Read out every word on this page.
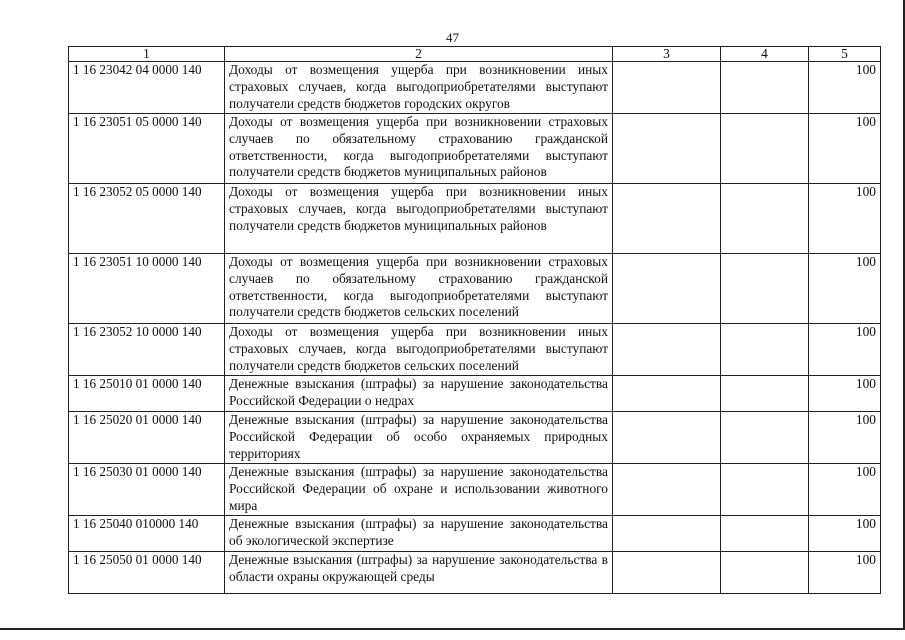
47
1	2	3	4	5
1 16 23042 04 0000 140	Доходы от возмещения ущерба при возникновении иных страховых случаев, когда выгодоприобретателями выступают получатели средств бюджетов городских округов			100
1 16 23051 05 0000 140	Доходы от возмещения ущерба при возникновении страховых случаев по обязательному страхованию гражданской ответственности, когда выгодоприобретателями выступают получатели средств бюджетов муниципальных районов			100
1 16 23052 05 0000 140	Доходы от возмещения ущерба при возникновении иных страховых случаев, когда выгодоприобретателями выступают получатели средств бюджетов муниципальных районов			100
1 16 23051 10 0000 140	Доходы от возмещения ущерба при возникновении страховых случаев по обязательному страхованию гражданской ответственности, когда выгодоприобретателями выступают получатели средств бюджетов сельских поселений			100
1 16 23052 10 0000 140	Доходы от возмещения ущерба при возникновении иных страховых случаев, когда выгодоприобретателями выступают получатели средств бюджетов сельских поселений			100
1 16 25010 01 0000 140	Денежные взыскания (штрафы) за нарушение законодательства Российской Федерации о недрах			100
1 16 25020 01 0000 140	Денежные взыскания (штрафы) за нарушение законодательства Российской Федерации об особо охраняемых природных территориях			100
1 16 25030 01 0000 140	Денежные взыскания (штрафы) за нарушение законодательства Российской Федерации об охране и использовании животного мира			100
1 16 25040 010000 140	Денежные взыскания (штрафы) за нарушение законодательства об экологической экспертизе			100
1 16 25050 01 0000 140	Денежные взыскания (штрафы) за нарушение законодательства в области охраны окружающей среды			100
